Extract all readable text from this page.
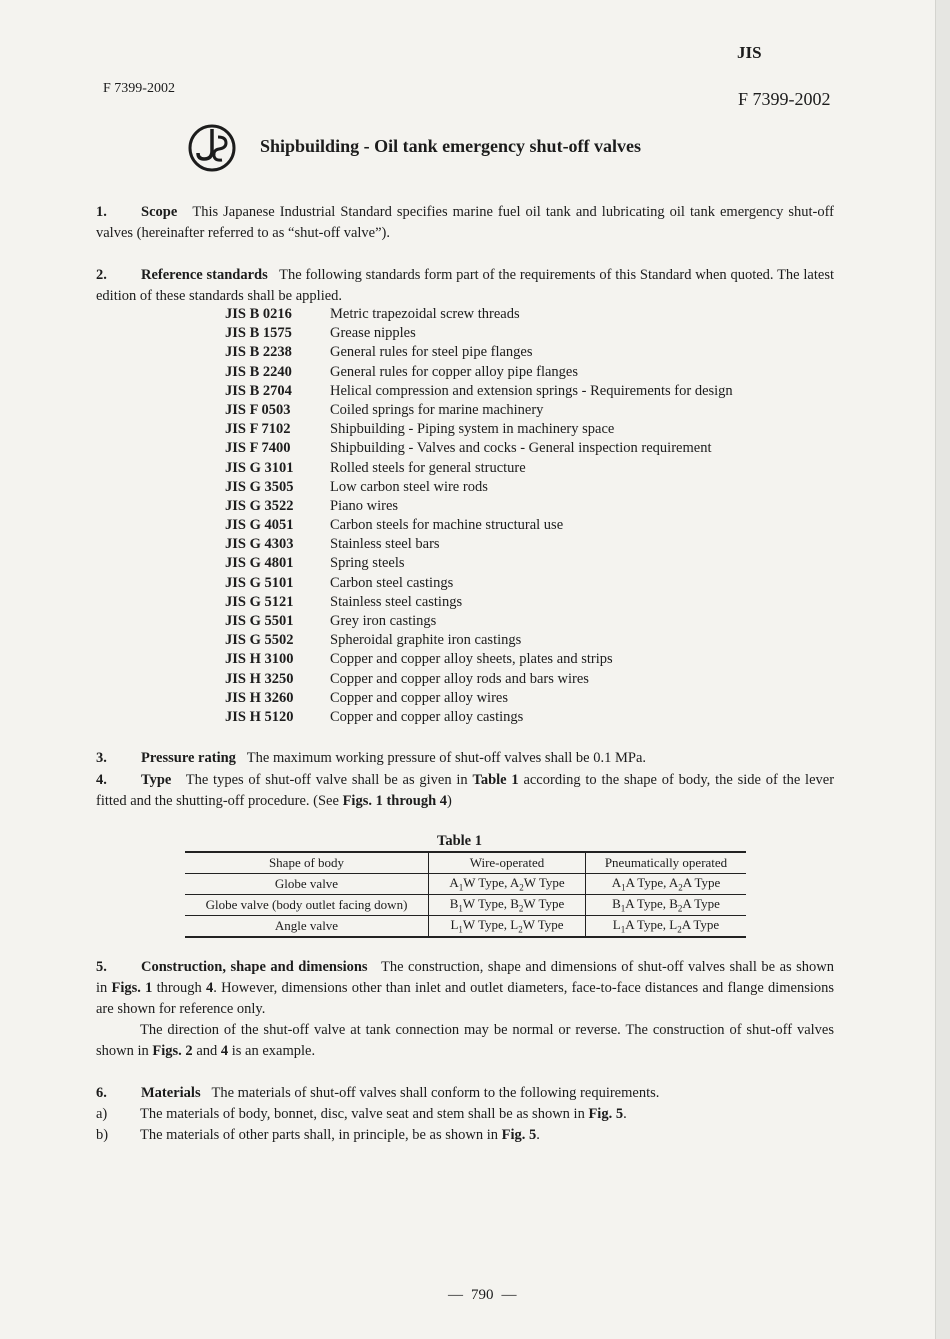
JIS
F 7399-2002
F 7399-2002
Shipbuilding - Oil tank emergency shut-off valves
1. Scope This Japanese Industrial Standard specifies marine fuel oil tank and lubricating oil tank emergency shut-off valves (hereinafter referred to as “shut-off valve”).
2. Reference standards The following standards form part of the requirements of this Standard when quoted. The latest edition of these standards shall be applied.
JIS B 0216	Metric trapezoidal screw threads
JIS B 1575	Grease nipples
JIS B 2238	General rules for steel pipe flanges
JIS B 2240	General rules for copper alloy pipe flanges
JIS B 2704	Helical compression and extension springs - Requirements for design
JIS F 0503	Coiled springs for marine machinery
JIS F 7102	Shipbuilding - Piping system in machinery space
JIS F 7400	Shipbuilding - Valves and cocks - General inspection requirement
JIS G 3101	Rolled steels for general structure
JIS G 3505	Low carbon steel wire rods
JIS G 3522	Piano wires
JIS G 4051	Carbon steels for machine structural use
JIS G 4303	Stainless steel bars
JIS G 4801	Spring steels
JIS G 5101	Carbon steel castings
JIS G 5121	Stainless steel castings
JIS G 5501	Grey iron castings
JIS G 5502	Spheroidal graphite iron castings
JIS H 3100	Copper and copper alloy sheets, plates and strips
JIS H 3250	Copper and copper alloy rods and bars wires
JIS H 3260	Copper and copper alloy wires
JIS H 5120	Copper and copper alloy castings
3. Pressure rating The maximum working pressure of shut-off valves shall be 0.1 MPa.
4. Type The types of shut-off valve shall be as given in Table 1 according to the shape of body, the side of the lever fitted and the shutting-off procedure. (See Figs. 1 through 4)
Table 1
Shape of body	Wire-operated	Pneumatically operated
Globe valve	$A_1W$ Type, $A_2W$ Type	$A_1A$ Type, $A_2A$ Type
Globe valve (body outlet facing down)	$B_1W$ Type, $B_2W$ Type	$B_1A$ Type, $B_2A$ Type
Angle valve	$L_1W$ Type, $L_2W$ Type	$L_1A$ Type, $L_2A$ Type
5. Construction, shape and dimensions The construction, shape and dimensions of shut-off valves shall be as shown in Figs. 1 through 4. However, dimensions other than inlet and outlet diameters, face-to-face distances and flange dimensions are shown for reference only.
The direction of the shut-off valve at tank connection may be normal or reverse. The construction of shut-off valves shown in Figs. 2 and 4 is an example.
6. Materials The materials of shut-off valves shall conform to the following requirements.
a) The materials of body, bonnet, disc, valve seat and stem shall be as shown in Fig. 5.
b) The materials of other parts shall, in principle, be as shown in Fig. 5.
— 790 —
